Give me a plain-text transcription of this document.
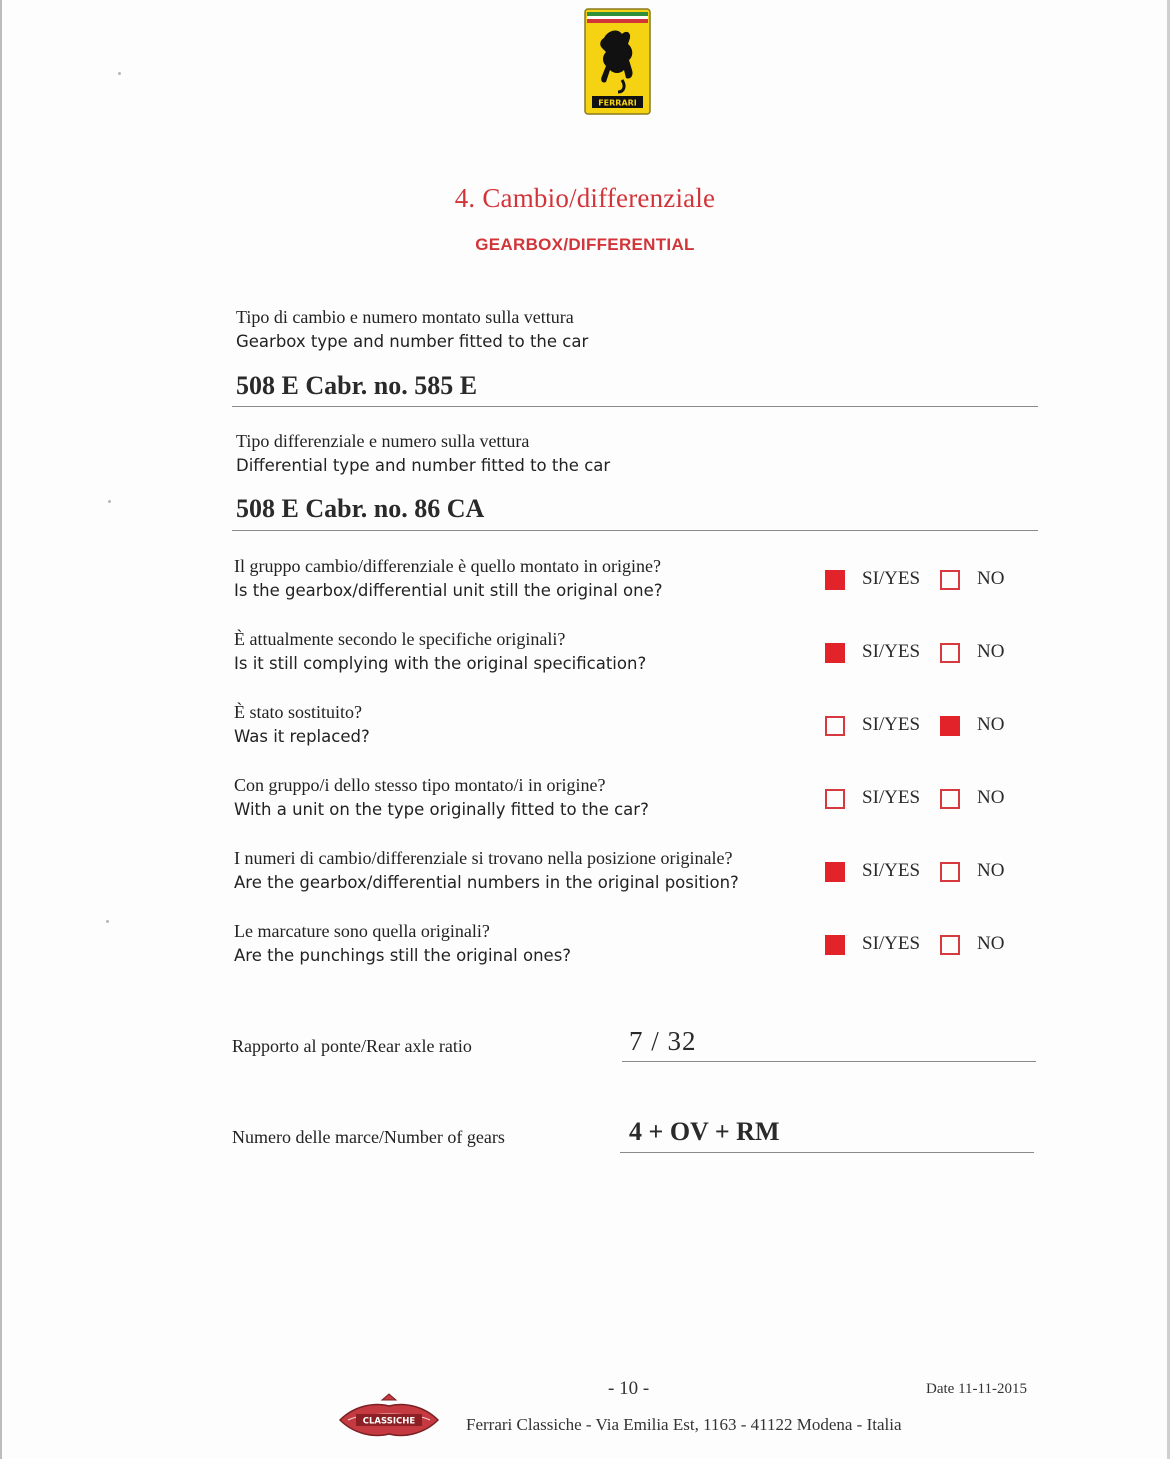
FERRARI
4. Cambio/differenziale
GEARBOX/DIFFERENTIAL
Tipo di cambio e numero montato sulla vettura
Gearbox type and number fitted to the car
508 E Cabr. no. 585 E
Tipo differenziale e numero sulla vettura
Differential type and number fitted to the car
508 E Cabr. no. 86 CA
Il gruppo cambio/differenziale è quello montato in origine?
Is the gearbox/differential unit still the original one?
SI/YES	NO
È attualmente secondo le specifiche originali?
Is it still complying with the original specification?
SI/YES	NO
È stato sostituito?
Was it replaced?
SI/YES	NO
Con gruppo/i dello stesso tipo montato/i in origine?
With a unit on the type originally fitted to the car?
SI/YES	NO
I numeri di cambio/differenziale si trovano nella posizione originale?
Are the gearbox/differential numbers in the original position?
SI/YES	NO
Le marcature sono quella originali?
Are the punchings still the original ones?
SI/YES	NO
Rapporto al ponte/Rear axle ratio	7 / 32
Numero delle marce/Number of gears	4 + OV + RM
- 10 -	Date 11-11-2015
CLASSICHE	Ferrari Classiche - Via Emilia Est, 1163 - 41122 Modena - Italia
